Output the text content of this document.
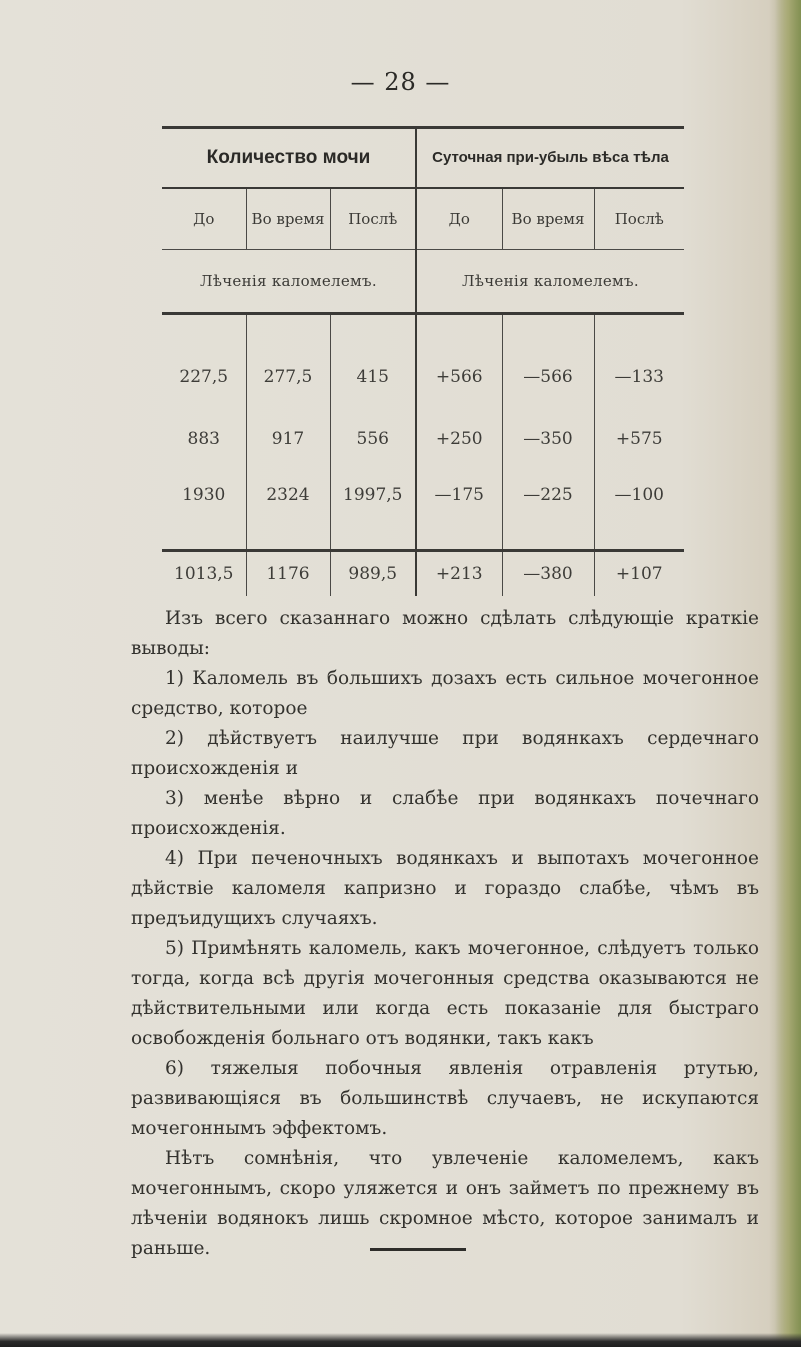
— 28 —
Количество мочи			Суточная при-убыль вѣса тѣла		
До	Во время	Послѣ	До	Во время	Послѣ
Лѣченія каломелемъ.			Лѣченія каломелемъ.		
227,5	277,5	415	+566	—566	—133
883	917	556	+250	—350	+575
1930	2324	1997,5	—175	—225	—100
1013,5	1176	989,5	+213	—380	+107

Изъ всего сказаннаго можно сдѣлать слѣдующіе краткіе выводы:

1) Каломель въ большихъ дозахъ есть сильное мочегонное средство, которое

2) дѣйствуетъ наилучше при водянкахъ сердечнаго происхожденія и

3) менѣе вѣрно и слабѣе при водянкахъ почечнаго происхожденія.

4) При печеночныхъ водянкахъ и выпотахъ мочегонное дѣйствіе каломеля капризно и гораздо слабѣе, чѣмъ въ предъидущихъ случаяхъ.

5) Примѣнять каломель, какъ мочегонное, слѣдуетъ только тогда, когда всѣ другія мочегонныя средства оказываются не дѣйствительными или когда есть показаніе для быстраго освобожденія больнаго отъ водянки, такъ какъ

6) тяжелыя побочныя явленія отравленія ртутью, развивающіяся въ большинствѣ случаевъ, не искупаются мочегоннымъ эффектомъ.

Нѣтъ сомнѣнія, что увлеченіе каломелемъ, какъ мочегоннымъ, скоро уляжется и онъ займетъ по прежнему въ лѣченіи водянокъ лишь скромное мѣсто, которое занималъ и раньше.
